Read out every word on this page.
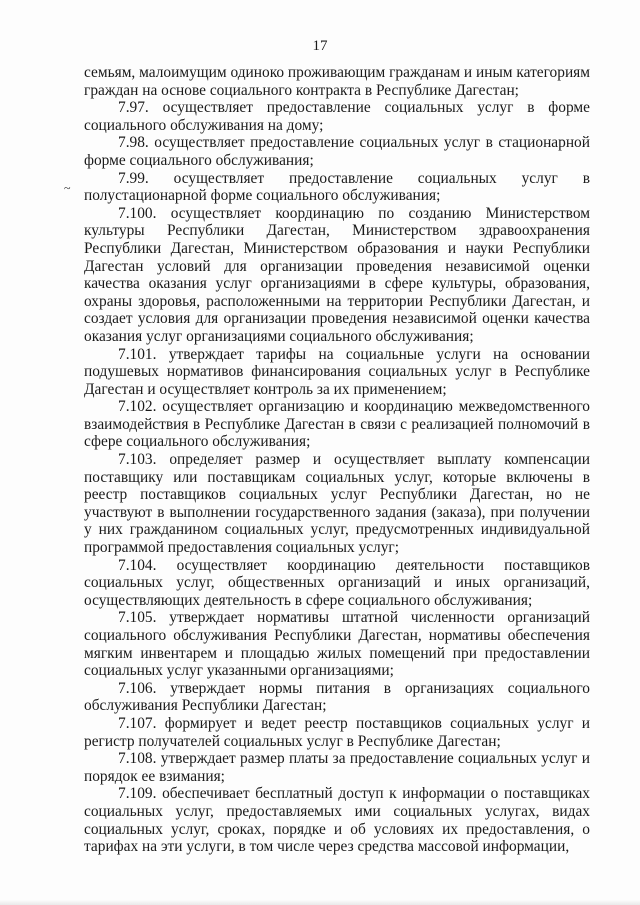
17
~

семьям, малоимущим одиноко проживающим гражданам и иным категориям граждан на основе социального контракта в Республике Дагестан;

7.97. осуществляет предоставление социальных услуг в форме социального обслуживания на дому;

7.98. осуществляет предоставление социальных услуг в стационарной форме социального обслуживания;

7.99. осуществляет предоставление социальных услуг в полустационарной форме социального обслуживания;

7.100. осуществляет координацию по созданию Министерством культуры Республики Дагестан, Министерством здравоохранения Республики Дагестан, Министерством образования и науки Республики Дагестан условий для организации проведения независимой оценки качества оказания услуг организациями в сфере культуры, образования, охраны здоровья, расположенными на территории Республики Дагестан, и создает условия для организации проведения независимой оценки качества оказания услуг организациями социального обслуживания;

7.101. утверждает тарифы на социальные услуги на основании подушевых нормативов финансирования социальных услуг в Республике Дагестан и осуществляет контроль за их применением;

7.102. осуществляет организацию и координацию межведомственного взаимодействия в Республике Дагестан в связи с реализацией полномочий в сфере социального обслуживания;

7.103. определяет размер и осуществляет выплату компенсации поставщику или поставщикам социальных услуг, которые включены в реестр поставщиков социальных услуг Республики Дагестан, но не участвуют в выполнении государственного задания (заказа), при получении у них гражданином социальных услуг, предусмотренных индивидуальной программой предоставления социальных услуг;

7.104. осуществляет координацию деятельности поставщиков социальных услуг, общественных организаций и иных организаций, осуществляющих деятельность в сфере социального обслуживания;

7.105. утверждает нормативы штатной численности организаций социального обслуживания Республики Дагестан, нормативы обеспечения мягким инвентарем и площадью жилых помещений при предоставлении социальных услуг указанными организациями;

7.106. утверждает нормы питания в организациях социального обслуживания Республики Дагестан;

7.107. формирует и ведет реестр поставщиков социальных услуг и регистр получателей социальных услуг в Республике Дагестан;

7.108. утверждает размер платы за предоставление социальных услуг и порядок ее взимания;

7.109. обеспечивает бесплатный доступ к информации о поставщиках социальных услуг, предоставляемых ими социальных услугах, видах социальных услуг, сроках, порядке и об условиях их предоставления, о тарифах на эти услуги, в том числе через средства массовой информации,
